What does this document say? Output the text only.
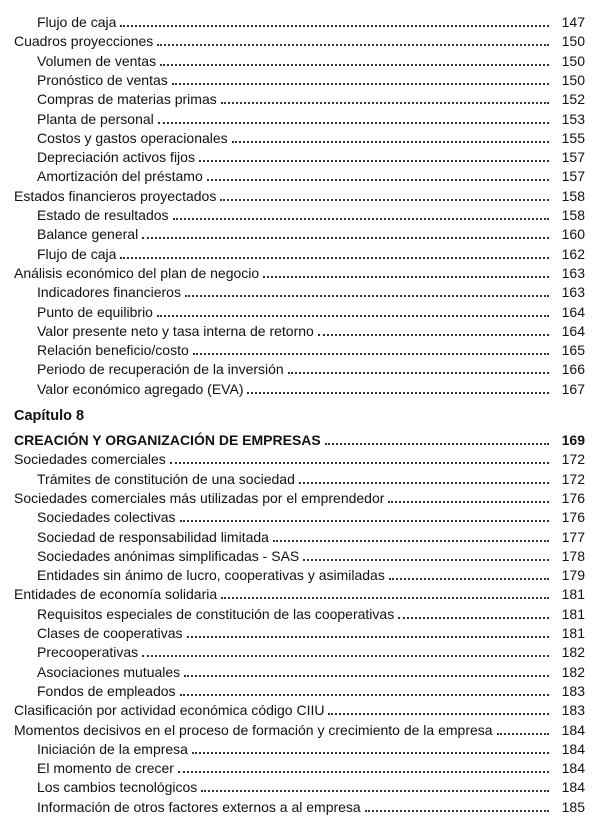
Flujo de caja	147
Cuadros proyecciones	150
Volumen de ventas	150
Pronóstico de ventas	150
Compras de materias primas	152
Planta de personal	153
Costos y gastos operacionales	155
Depreciación activos fijos	157
Amortización del préstamo	157
Estados financieros proyectados	158
Estado de resultados	158
Balance general	160
Flujo de caja	162
Análisis económico del plan de negocio	163
Indicadores financieros	163
Punto de equilibrio	164
Valor presente neto y tasa interna de retorno	164
Relación beneficio/costo	165
Periodo de recuperación de la inversión	166
Valor económico agregado (EVA)	167
Capítulo 8
CREACIÓN Y ORGANIZACIÓN DE EMPRESAS	169
Sociedades comerciales	172
Trámites de constitución de una sociedad	172
Sociedades comerciales más utilizadas por el emprendedor	176
Sociedades colectivas	176
Sociedad de responsabilidad limitada	177
Sociedades anónimas simplificadas - SAS	178
Entidades sin ánimo de lucro, cooperativas y asimiladas	179
Entidades de economía solidaria	181
Requisitos especiales de constitución de las cooperativas	181
Clases de cooperativas	181
Precooperativas	182
Asociaciones mutuales	182
Fondos de empleados	183
Clasificación por actividad económica código CIIU	183
Momentos decisivos en el proceso de formación y crecimiento de la empresa	184
Iniciación de la empresa	184
El momento de crecer	184
Los cambios tecnológicos	184
Información de otros factores externos a al empresa	185
